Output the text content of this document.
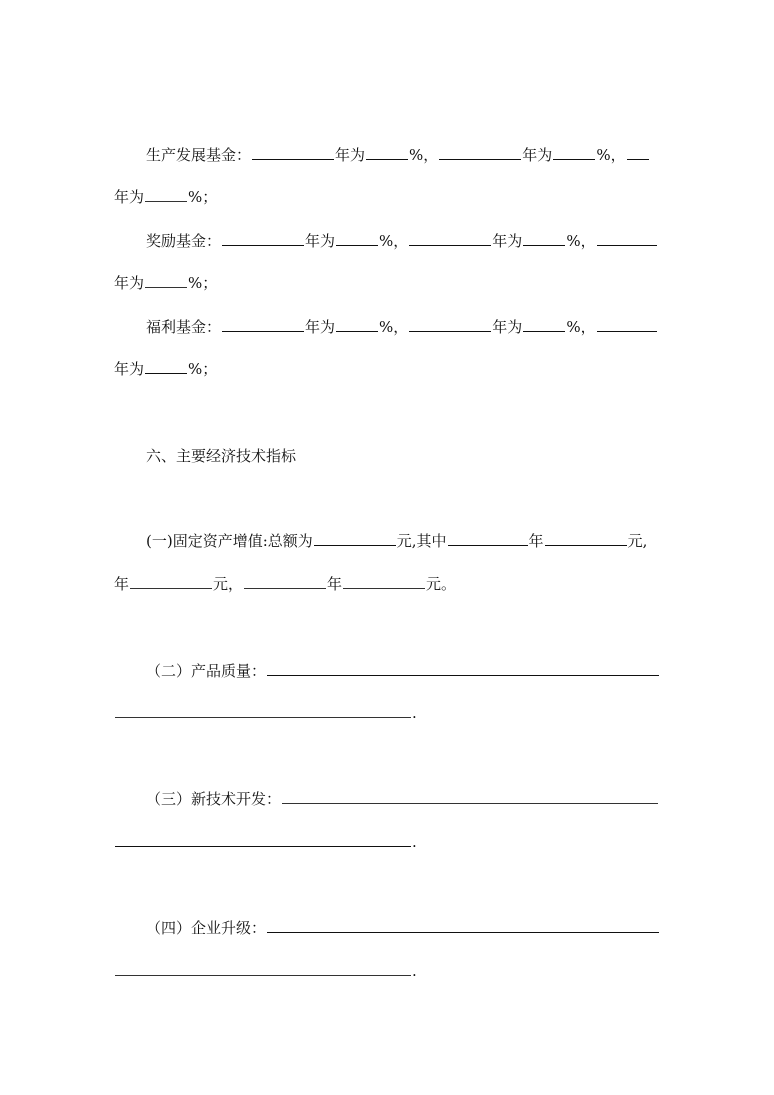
生产发展基金：	年为	%，	年为	%，
年为	%；
奖励基金：	年为	%，	年为	%，
年为	%；
福利基金：	年为	%，	年为	%，
年为	%；
六、主要经济技术指标
(一)固定资产增值:总额为	元,其中	年	元,
年	元，	年	元。
（二）产品质量：
.
（三）新技术开发：
.
（四）企业升级：
.
